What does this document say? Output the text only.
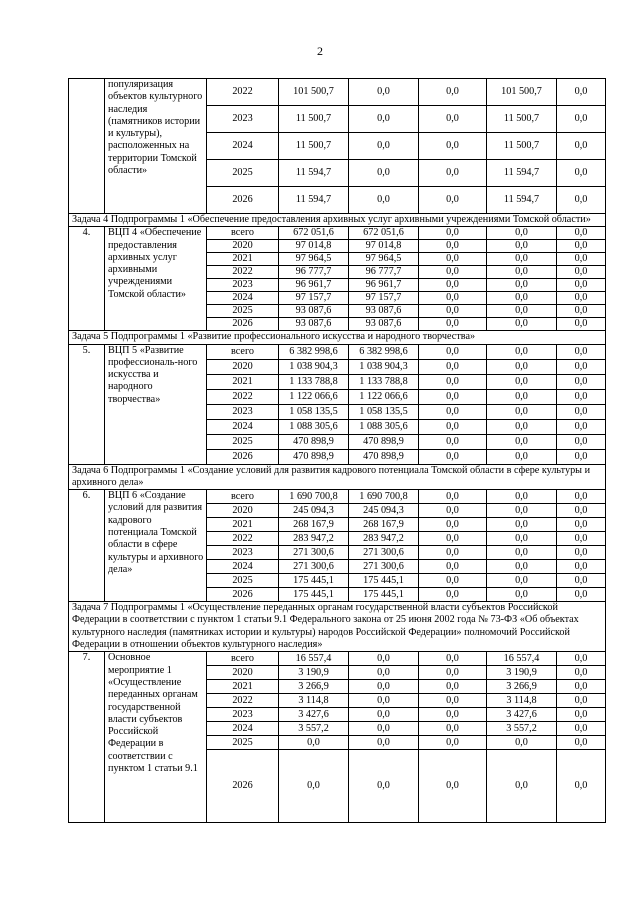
2
	популяризация объектов культурного наследия (памятников истории и культуры), расположенных на территории Томской области»	2022	101 500,7	0,0	0,0	101 500,7	0,0
		2023	11 500,7	0,0	0,0	11 500,7	0,0
		2024	11 500,7	0,0	0,0	11 500,7	0,0
		2025	11 594,7	0,0	0,0	11 594,7	0,0
		2026	11 594,7	0,0	0,0	11 594,7	0,0
Задача 4 Подпрограммы 1 «Обеспечение предоставления архивных услуг архивными учреждениями Томской области»							
4.	ВЦП 4 «Обеспечение предоставления архивных услуг архивными учреждениями Томской области»	всего	672 051,6	672 051,6	0,0	0,0	0,0
		2020	97 014,8	97 014,8	0,0	0,0	0,0
		2021	97 964,5	97 964,5	0,0	0,0	0,0
		2022	96 777,7	96 777,7	0,0	0,0	0,0
		2023	96 961,7	96 961,7	0,0	0,0	0,0
		2024	97 157,7	97 157,7	0,0	0,0	0,0
		2025	93 087,6	93 087,6	0,0	0,0	0,0
		2026	93 087,6	93 087,6	0,0	0,0	0,0
Задача 5 Подпрограммы 1 «Развитие профессионального искусства и народного творчества»							
5.	ВЦП 5 «Развитие профессиональ-ного искусства и народного творчества»	всего	6 382 998,6	6 382 998,6	0,0	0,0	0,0
		2020	1 038 904,3	1 038 904,3	0,0	0,0	0,0
		2021	1 133 788,8	1 133 788,8	0,0	0,0	0,0
		2022	1 122 066,6	1 122 066,6	0,0	0,0	0,0
		2023	1 058 135,5	1 058 135,5	0,0	0,0	0,0
		2024	1 088 305,6	1 088 305,6	0,0	0,0	0,0
		2025	470 898,9	470 898,9	0,0	0,0	0,0
		2026	470 898,9	470 898,9	0,0	0,0	0,0
Задача 6 Подпрограммы 1 «Создание условий для развития кадрового потенциала Томской области в сфере культуры и архивного дела»							
6.	ВЦП 6 «Создание условий для развития кадрового потенциала Томской области в сфере культуры и архивного дела»	всего	1 690 700,8	1 690 700,8	0,0	0,0	0,0
		2020	245 094,3	245 094,3	0,0	0,0	0,0
		2021	268 167,9	268 167,9	0,0	0,0	0,0
		2022	283 947,2	283 947,2	0,0	0,0	0,0
		2023	271 300,6	271 300,6	0,0	0,0	0,0
		2024	271 300,6	271 300,6	0,0	0,0	0,0
		2025	175 445,1	175 445,1	0,0	0,0	0,0
		2026	175 445,1	175 445,1	0,0	0,0	0,0
Задача 7 Подпрограммы 1 «Осуществление переданных органам государственной власти субъектов Российской Федерации в соответствии с пунктом 1 статьи 9.1 Федерального закона от 25 июня 2002 года № 73-ФЗ «Об объектах культурного наследия (памятниках истории и культуры) народов Российской Федерации» полномочий Российской Федерации в отношении объектов культурного наследия»							
7.	Основное мероприятие 1 «Осуществление переданных органам государственной власти субъектов Российской Федерации в соответствии с пунктом 1 статьи 9.1	всего	16 557,4	0,0	0,0	16 557,4	0,0
		2020	3 190,9	0,0	0,0	3 190,9	0,0
		2021	3 266,9	0,0	0,0	3 266,9	0,0
		2022	3 114,8	0,0	0,0	3 114,8	0,0
		2023	3 427,6	0,0	0,0	3 427,6	0,0
		2024	3 557,2	0,0	0,0	3 557,2	0,0
		2025	0,0	0,0	0,0	0,0	0,0
		2026	0,0	0,0	0,0	0,0	0,0
